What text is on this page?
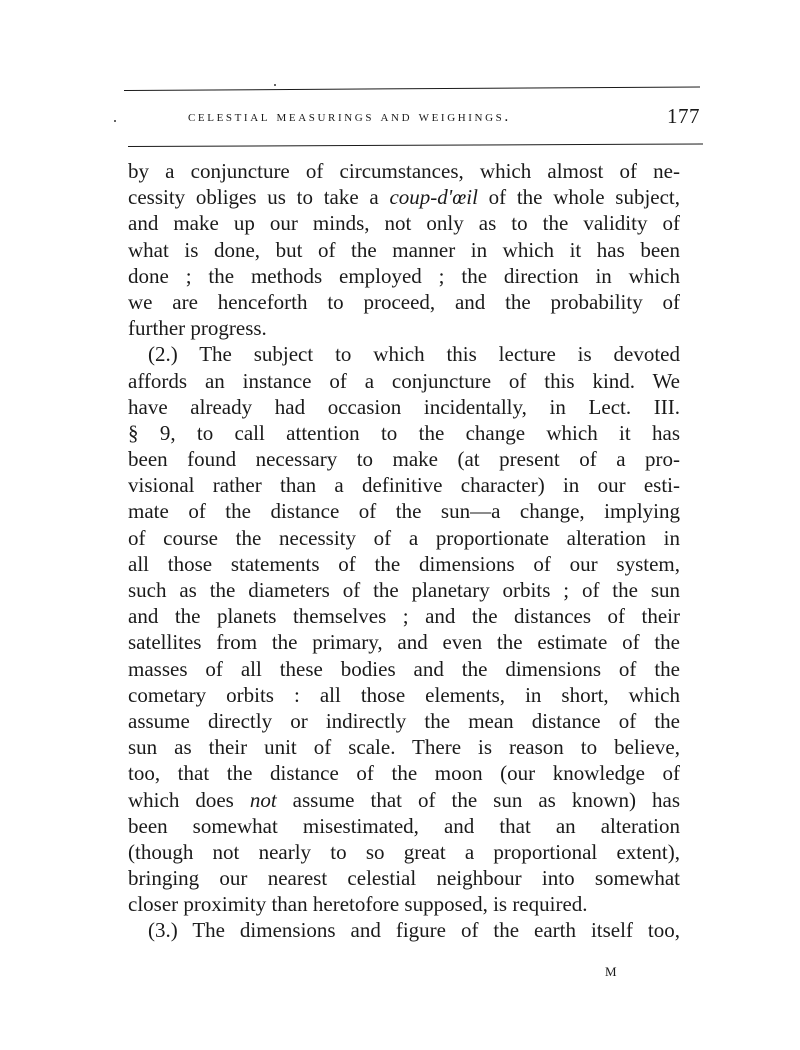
celestial measurings and weighings.	177
by a conjuncture of circumstances, which almost of ne-
cessity obliges us to take a coup-d'œil of the whole subject,
and make up our minds, not only as to the validity of
what is done, but of the manner in which it has been
done ; the methods employed ; the direction in which
we are henceforth to proceed, and the probability of
further progress.
(2.) The subject to which this lecture is devoted
affords an instance of a conjuncture of this kind. We
have already had occasion incidentally, in Lect. III.
§ 9, to call attention to the change which it has
been found necessary to make (at present of a pro-
visional rather than a definitive character) in our esti-
mate of the distance of the sun—a change, implying
of course the necessity of a proportionate alteration in
all those statements of the dimensions of our system,
such as the diameters of the planetary orbits ; of the sun
and the planets themselves ; and the distances of their
satellites from the primary, and even the estimate of the
masses of all these bodies and the dimensions of the
cometary orbits : all those elements, in short, which
assume directly or indirectly the mean distance of the
sun as their unit of scale. There is reason to believe,
too, that the distance of the moon (our knowledge of
which does not assume that of the sun as known) has
been somewhat misestimated, and that an alteration
(though not nearly to so great a proportional extent),
bringing our nearest celestial neighbour into somewhat
closer proximity than heretofore supposed, is required.
(3.) The dimensions and figure of the earth itself too,
M
